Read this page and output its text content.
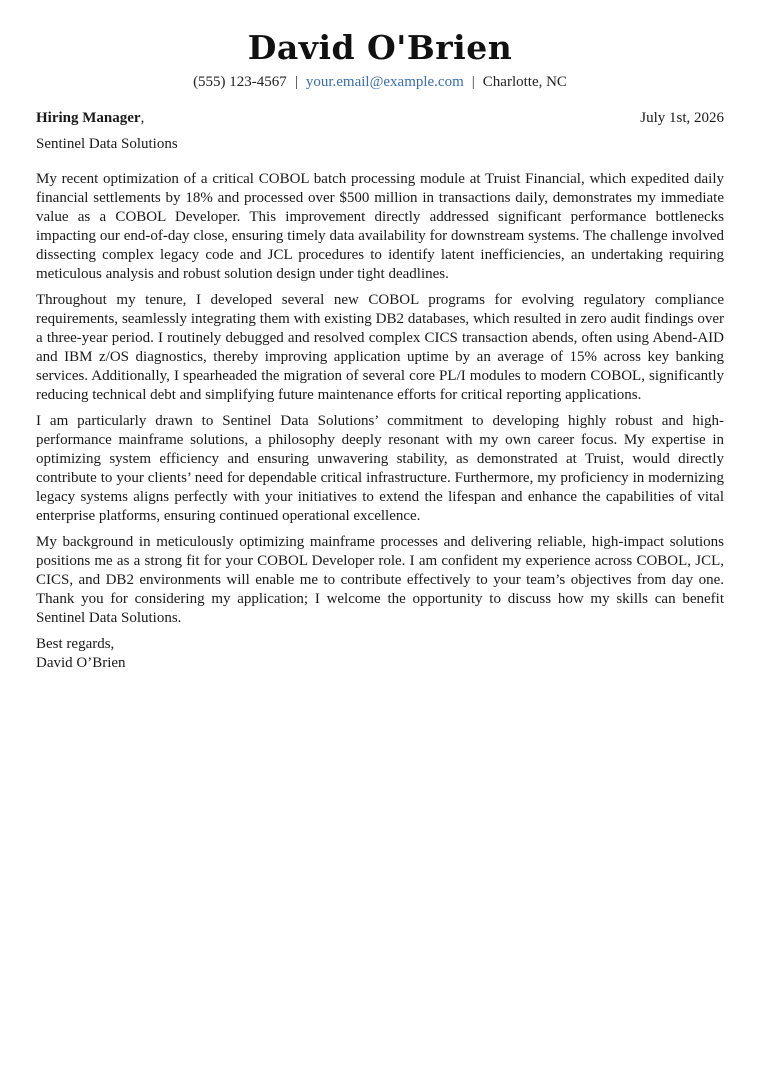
David O'Brien
(555) 123-4567 | your.email@example.com | Charlotte, NC
Hiring Manager,	July 1st, 2026
Sentinel Data Solutions

My recent optimization of a critical COBOL batch processing module at Truist Financial, which expedited daily financial settlements by 18% and processed over $500 million in transactions daily, demonstrates my immediate value as a COBOL Developer. This improvement directly addressed significant performance bottlenecks impacting our end-of-day close, ensuring timely data availability for downstream systems. The challenge involved dissecting complex legacy code and JCL procedures to identify latent inefficiencies, an undertaking requiring meticulous analysis and robust solution design under tight deadlines.

Throughout my tenure, I developed several new COBOL programs for evolving regulatory compliance requirements, seamlessly integrating them with existing DB2 databases, which resulted in zero audit findings over a three-year period. I routinely debugged and resolved complex CICS transaction abends, often using Abend-AID and IBM z/OS diagnostics, thereby improving application uptime by an average of 15% across key banking services. Additionally, I spearheaded the migration of several core PL/I modules to modern COBOL, significantly reducing technical debt and simplifying future maintenance efforts for critical reporting applications.

I am particularly drawn to Sentinel Data Solutions’ commitment to developing highly robust and high-performance mainframe solutions, a philosophy deeply resonant with my own career focus. My expertise in optimizing system efficiency and ensuring unwavering stability, as demonstrated at Truist, would directly contribute to your clients’ need for dependable critical infrastructure. Furthermore, my proficiency in modernizing legacy systems aligns perfectly with your initiatives to extend the lifespan and enhance the capabilities of vital enterprise platforms, ensuring continued operational excellence.

My background in meticulously optimizing mainframe processes and delivering reliable, high-impact solutions positions me as a strong fit for your COBOL Developer role. I am confident my experience across COBOL, JCL, CICS, and DB2 environments will enable me to contribute effectively to your team’s objectives from day one. Thank you for considering my application; I welcome the opportunity to discuss how my skills can benefit Sentinel Data Solutions.

Best regards,
David O’Brien
